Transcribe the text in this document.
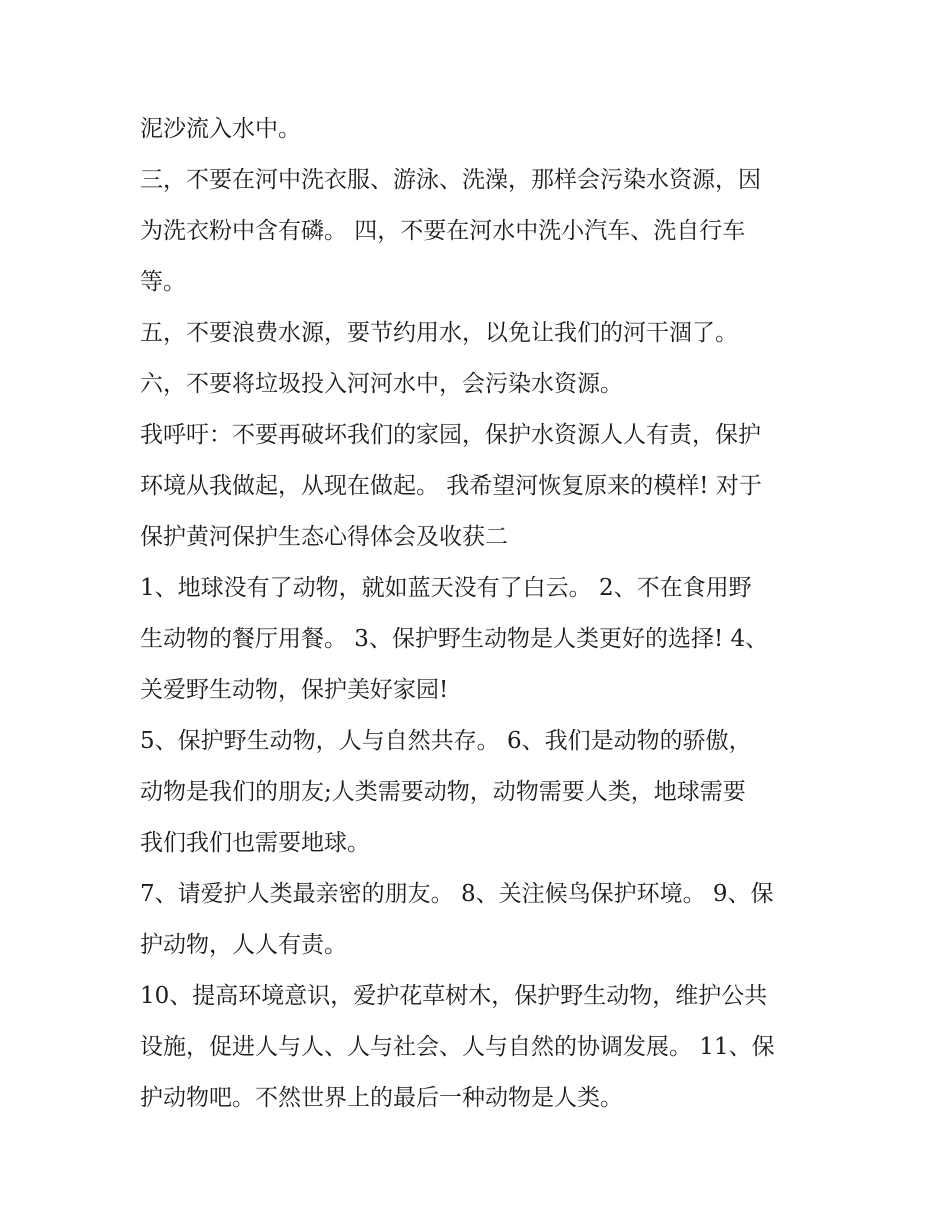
泥沙流入水中。

三，不要在河中洗衣服、游泳、洗澡，那样会污染水资源，因
为洗衣粉中含有磷。 四，不要在河水中洗小汽车、洗自行车
等。

五，不要浪费水源，要节约用水，以免让我们的河干涸了。

六，不要将垃圾投入河河水中，会污染水资源。

我呼吁：不要再破坏我们的家园，保护水资源人人有责，保护
环境从我做起，从现在做起。 我希望河恢复原来的模样! 对于
保护黄河保护生态心得体会及收获二

1、地球没有了动物，就如蓝天没有了白云。 2、不在食用野
生动物的餐厅用餐。 3、保护野生动物是人类更好的选择! 4、
关爱野生动物，保护美好家园!

5、保护野生动物，人与自然共存。 6、我们是动物的骄傲，
动物是我们的朋友;人类需要动物，动物需要人类，地球需要
我们我们也需要地球。

7、请爱护人类最亲密的朋友。 8、关注候鸟保护环境。 9、保
护动物，人人有责。

10、提高环境意识，爱护花草树木，保护野生动物，维护公共
设施，促进人与人、人与社会、人与自然的协调发展。 11、保
护动物吧。不然世界上的最后一种动物是人类。
